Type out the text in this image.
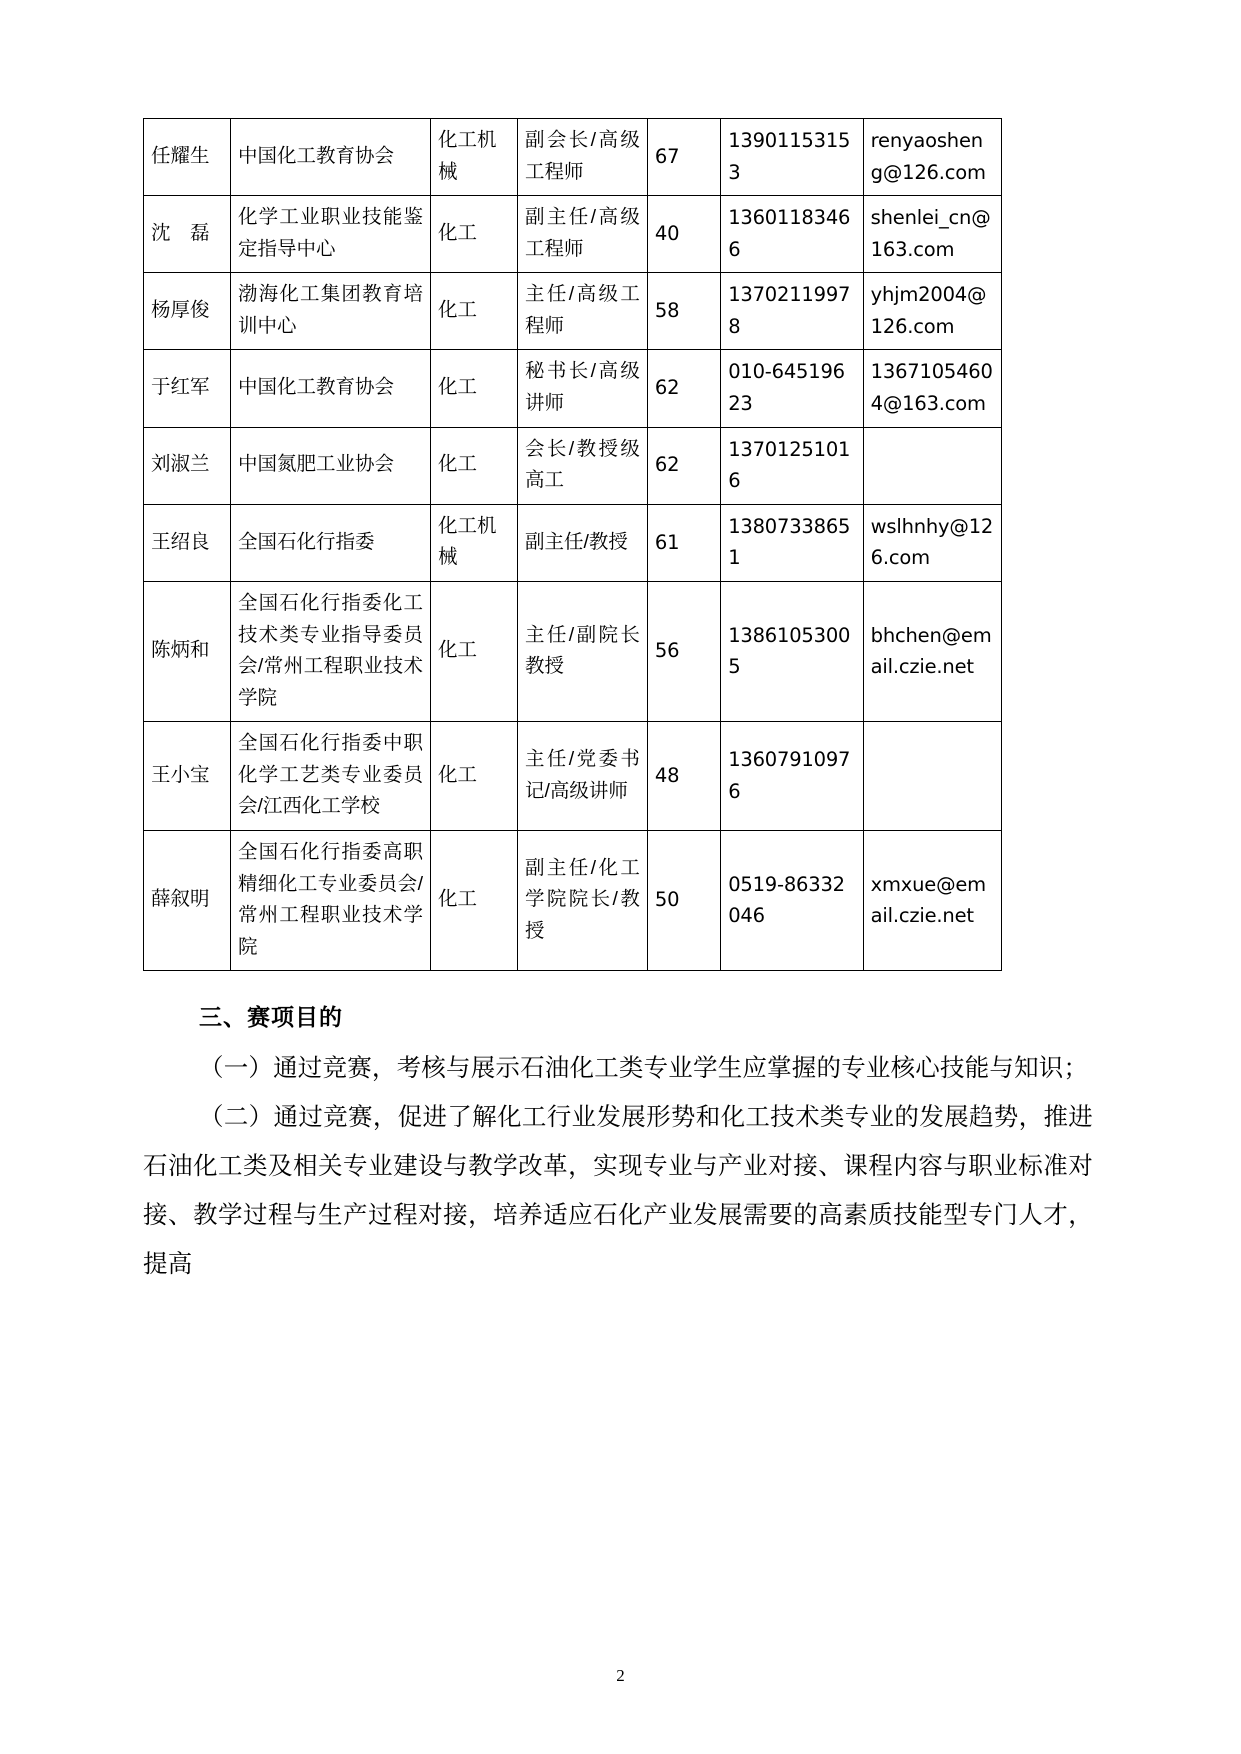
任耀生	中国化工教育协会	化工机械	副会长/高级工程师	67	13901153153	renyaosheng@126.com
沈　磊	化学工业职业技能鉴定指导中心	化工	副主任/高级工程师	40	13601183466	shenlei_cn@163.com
杨厚俊	渤海化工集团教育培训中心	化工	主任/高级工程师	58	13702119978	yhjm2004@126.com
于红军	中国化工教育协会	化工	秘书长/高级讲师	62	010-64519623	13671054604@163.com
刘淑兰	中国氮肥工业协会	化工	会长/教授级高工	62	13701251016	
王绍良	全国石化行指委	化工机械	副主任/教授	61	13807338651	wslhnhy@126.com
陈炳和	全国石化行指委化工技术类专业指导委员会/常州工程职业技术学院	化工	主任/副院长教授	56	13861053005	bhchen@email.czie.net
王小宝	全国石化行指委中职化学工艺类专业委员会/江西化工学校	化工	主任/党委书记/高级讲师	48	13607910976	
薛叙明	全国石化行指委高职精细化工专业委员会/常州工程职业技术学院	化工	副主任/化工学院院长/教授	50	0519-86332046	xmxue@email.czie.net
三、赛项目的

（一）通过竞赛，考核与展示石油化工类专业学生应掌握的专业核心技能与知识；

（二）通过竞赛，促进了解化工行业发展形势和化工技术类专业的发展趋势，推进石油化工类及相关专业建设与教学改革，实现专业与产业对接、课程内容与职业标准对接、教学过程与生产过程对接，培养适应石化产业发展需要的高素质技能型专门人才，提高

2
